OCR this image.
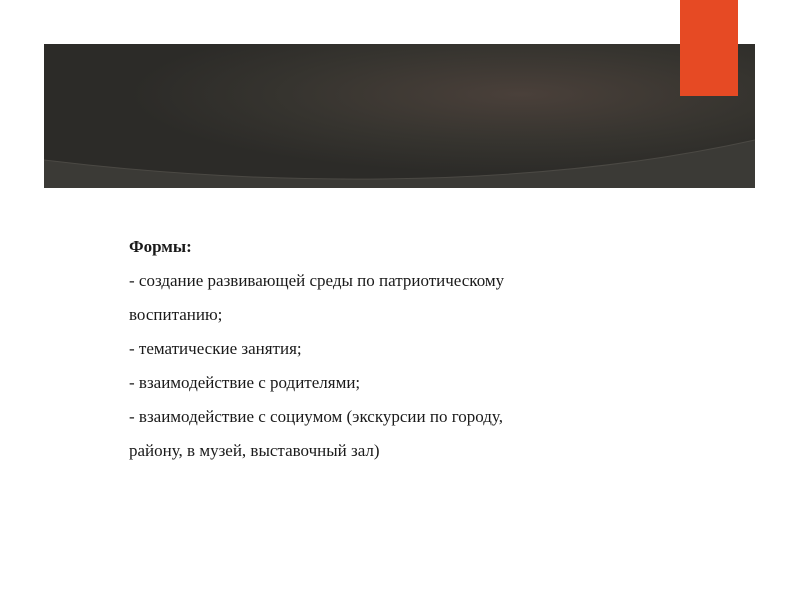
Формы:

- создание развивающей среды по патриотическому

воспитанию;

- тематические занятия;

- взаимодействие с родителями;

- взаимодействие с социумом (экскурсии по городу,

району, в музей, выставочный зал)
